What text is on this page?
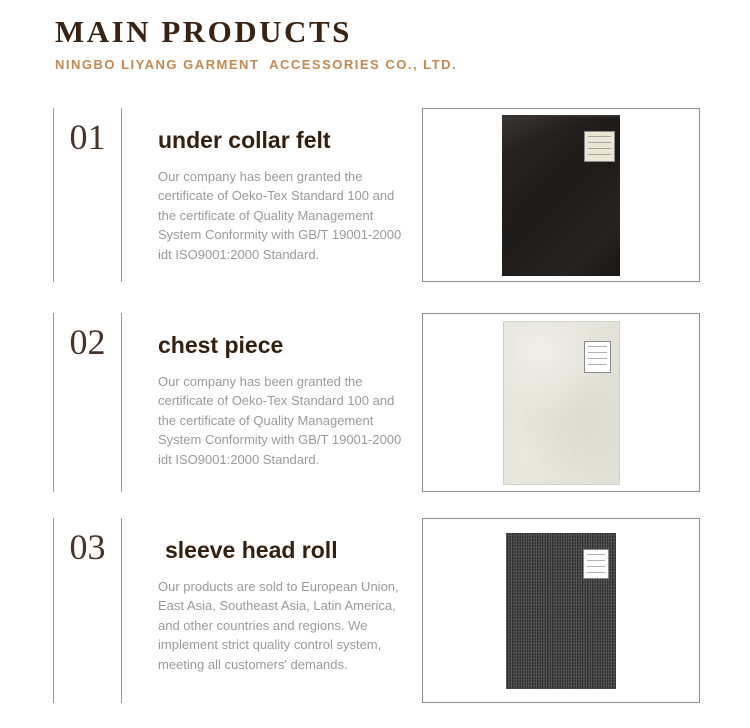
MAIN PRODUCTS
NINGBO LIYANG GARMENT  ACCESSORIES CO., LTD.
01	under collar felt
Our company has been granted the certificate of Oeko-Tex Standard 100 and the certificate of Quality Management System Conformity with GB/T 19001-2000 idt ISO9001:2000 Standard.
02	chest piece
Our company has been granted the certificate of Oeko-Tex Standard 100 and the certificate of Quality Management System Conformity with GB/T 19001-2000 idt ISO9001:2000 Standard.
03	sleeve head roll
Our products are sold to European Union, East Asia, Southeast Asia, Latin America, and other countries and regions. We implement strict quality control system, meeting all customers' demands.
